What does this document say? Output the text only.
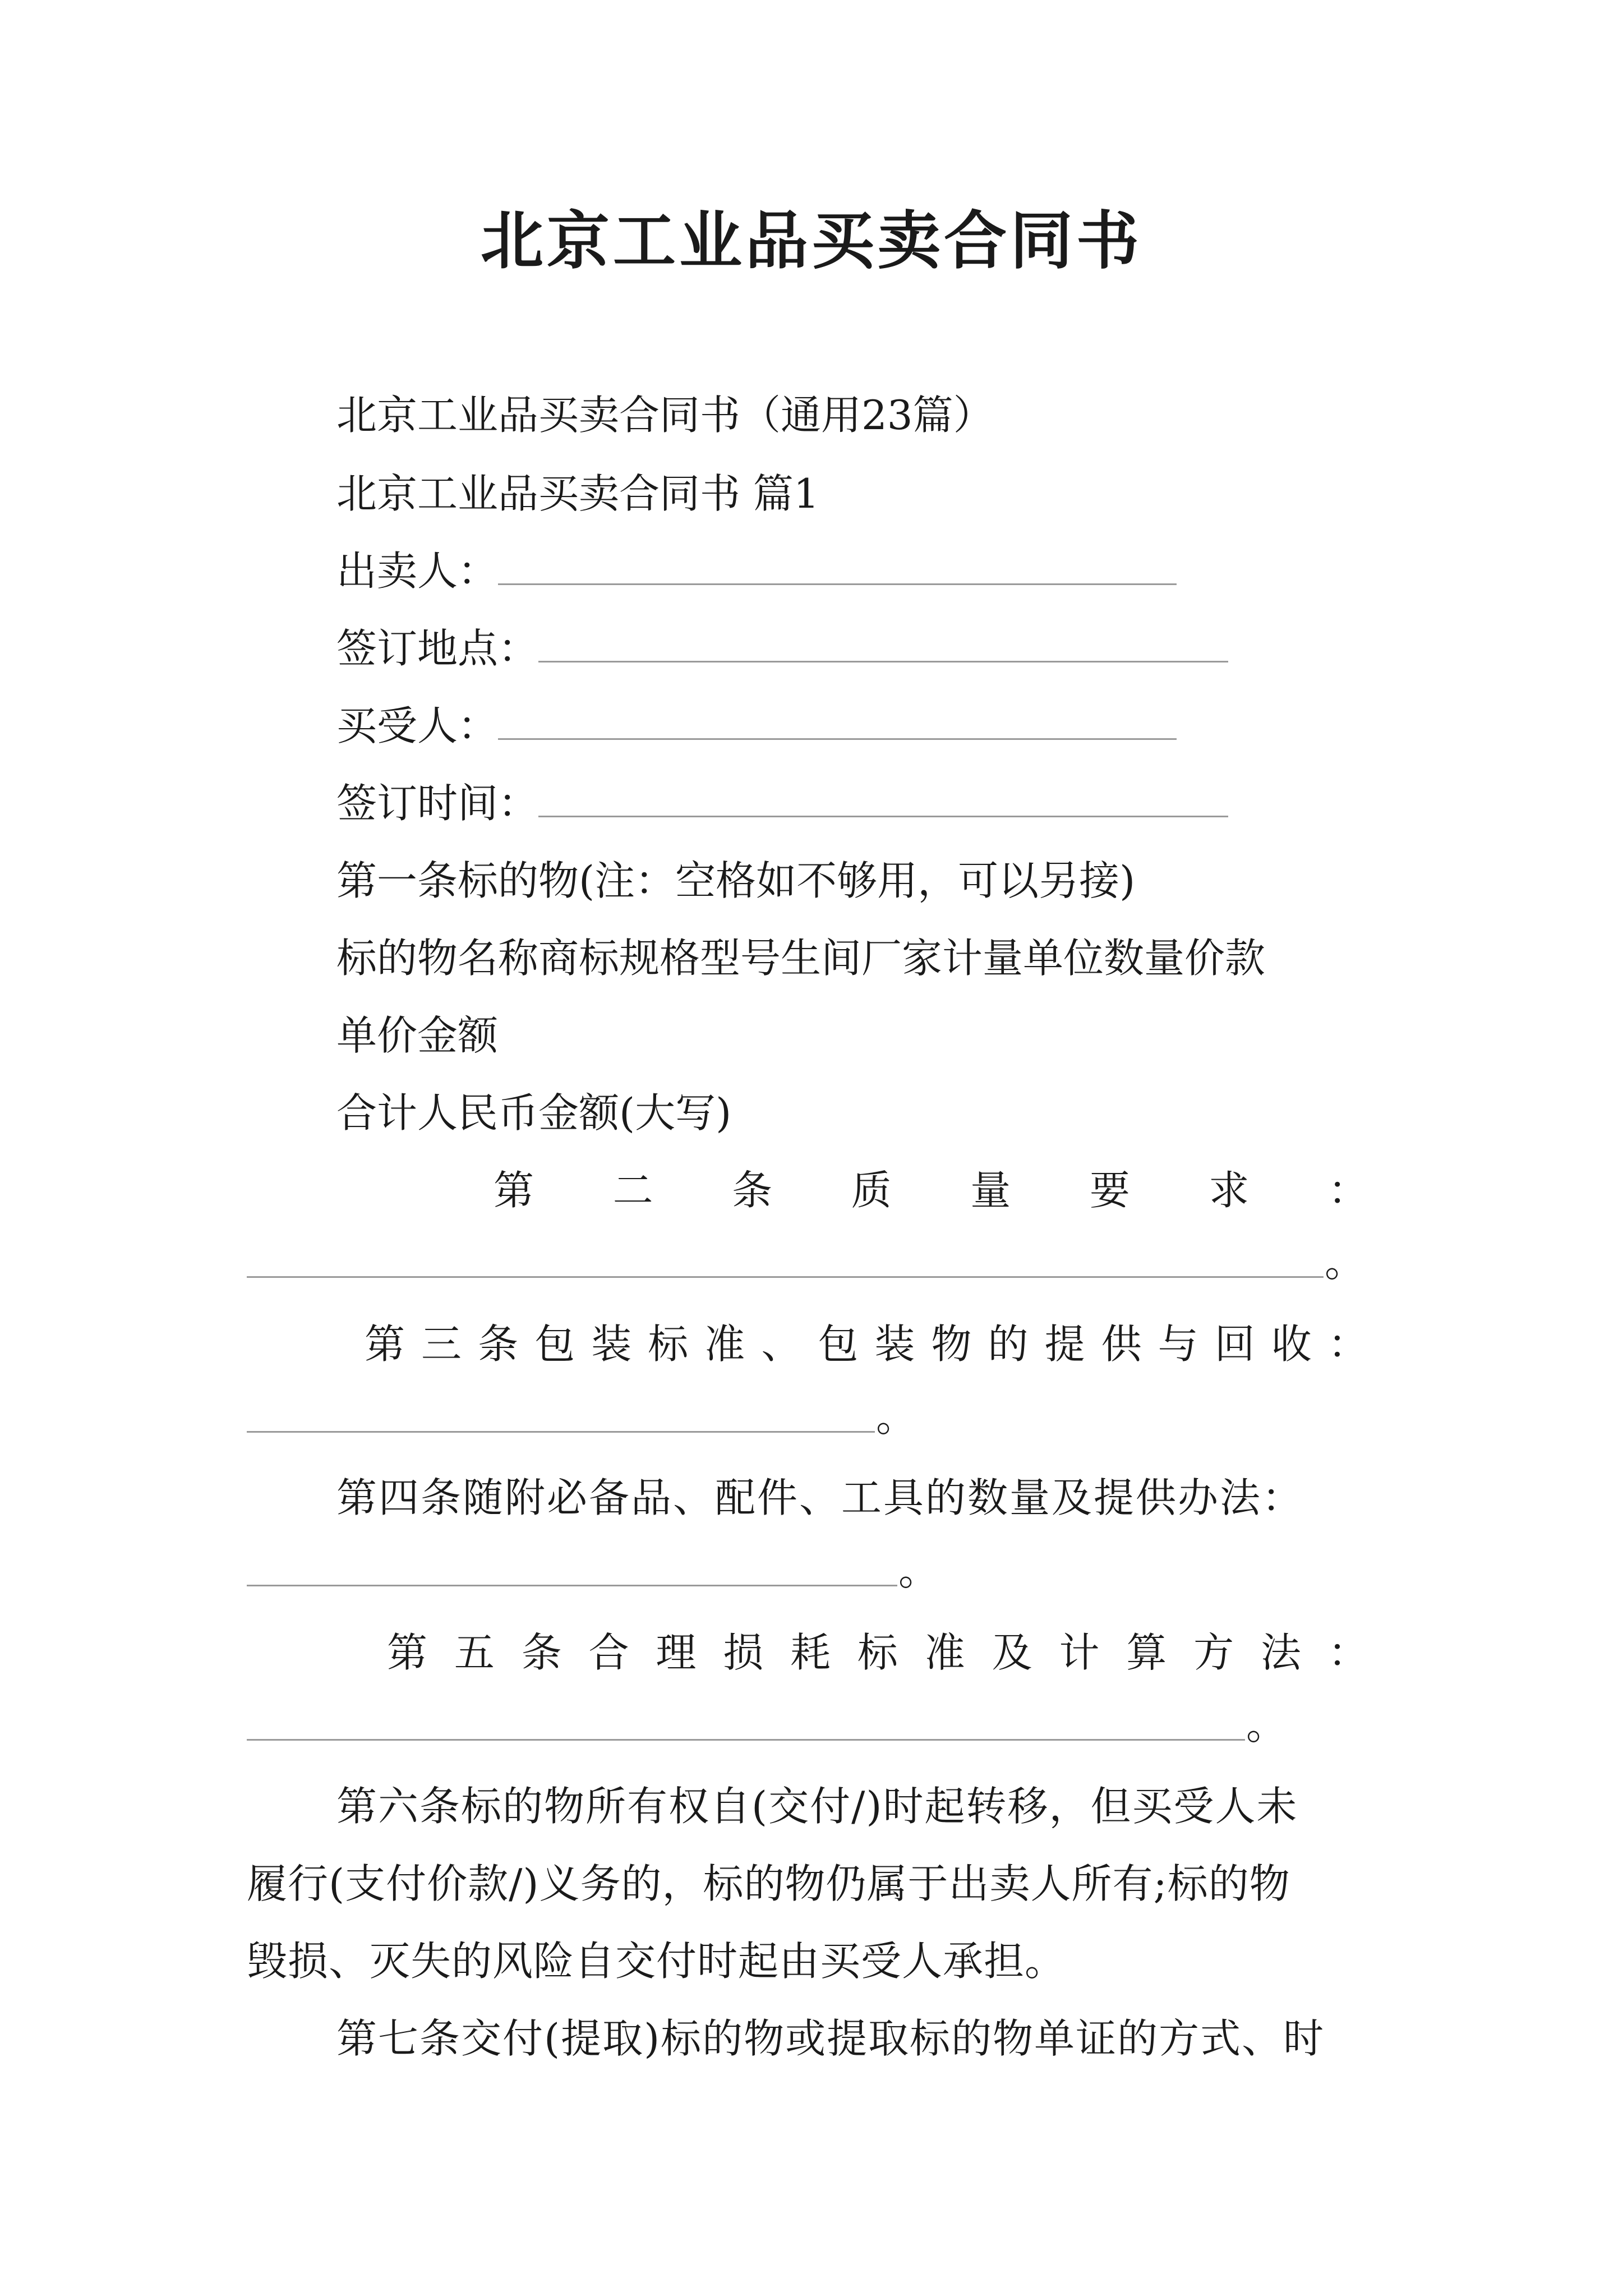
北京工业品买卖合同书

北京工业品买卖合同书（通用23篇）

北京工业品买卖合同书 篇1

出卖人：

签订地点：

买受人：

签订时间：

第一条标的物(注：空格如不够用，可以另接)

标的物名称商标规格型号生间厂家计量单位数量价款

单价金额

合计人民币金额(大写)

第 二 条 质 量 要 求 ：
。
第 三 条 包 装 标 准 、 包 装 物 的 提 供 与 回 收 ：
。

第四条随附必备品、配件、工具的数量及提供办法：

。
第 五 条 合 理 损 耗 标 准 及 计 算 方 法 ：
。

第六条标的物所有权自(交付/)时起转移，但买受人未

履行(支付价款/)义务的，标的物仍属于出卖人所有;标的物

毁损、灭失的风险自交付时起由买受人承担。

第七条交付(提取)标的物或提取标的物单证的方式、时
